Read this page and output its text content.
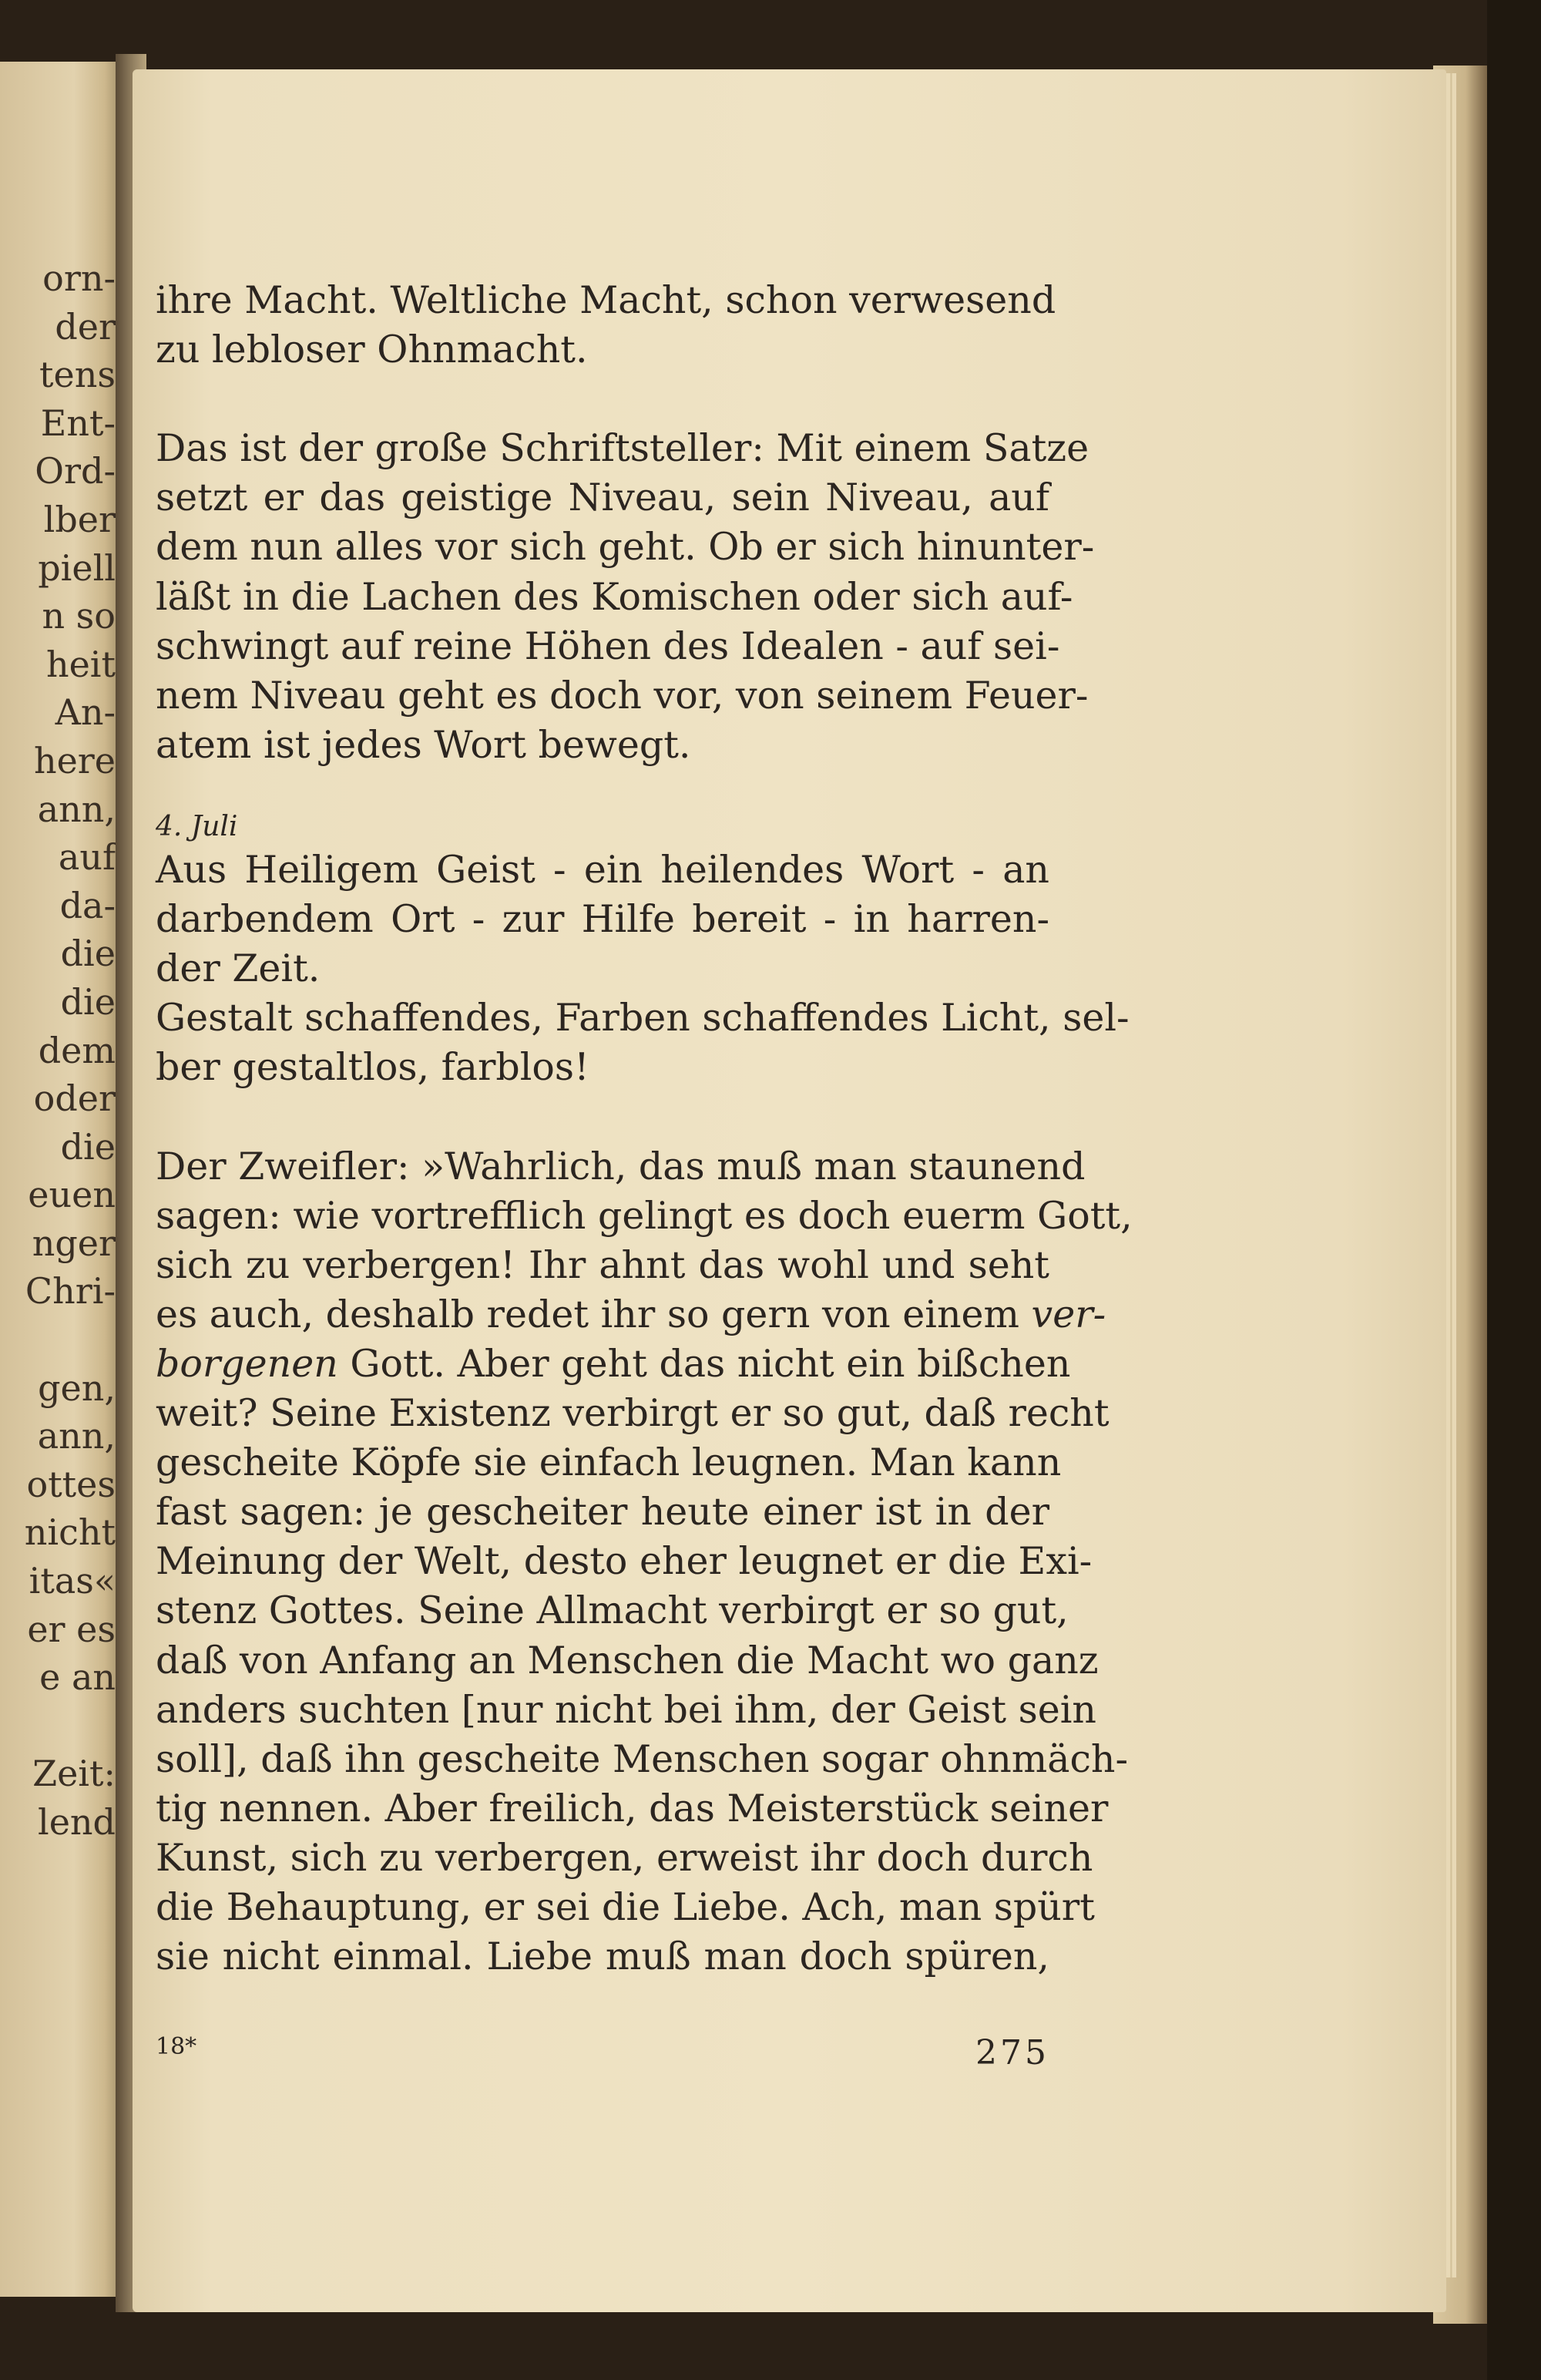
orn-
der
tens
Ent-
Ord-
lber
piell
n so
heit
An-
here
ann,
auf
da-
die
die
dem
oder
die
euen
nger
Chri-
gen,
ann,
ottes
nicht
itas«
er es
e an
Zeit:
lend
ihre Macht. Weltliche Macht, schon verwesend
zu lebloser Ohnmacht.
Das ist der große Schriftsteller: Mit einem Satze
setzt er das geistige Niveau, sein Niveau, auf
dem nun alles vor sich geht. Ob er sich hinunter-
läßt in die Lachen des Komischen oder sich auf-
schwingt auf reine Höhen des Idealen - auf sei-
nem Niveau geht es doch vor, von seinem Feuer-
atem ist jedes Wort bewegt.
4. Juli
Aus Heiligem Geist - ein heilendes Wort - an
darbendem Ort - zur Hilfe bereit - in harren-
der Zeit.
Gestalt schaffendes, Farben schaffendes Licht, sel-
ber gestaltlos, farblos!
Der Zweifler: »Wahrlich, das muß man staunend
sagen: wie vortrefflich gelingt es doch euerm Gott,
sich zu verbergen! Ihr ahnt das wohl und seht
es auch, deshalb redet ihr so gern von einem ver-
borgenen Gott. Aber geht das nicht ein bißchen
weit? Seine Existenz verbirgt er so gut, daß recht
gescheite Köpfe sie einfach leugnen. Man kann
fast sagen: je gescheiter heute einer ist in der
Meinung der Welt, desto eher leugnet er die Exi-
stenz Gottes. Seine Allmacht verbirgt er so gut,
daß von Anfang an Menschen die Macht wo ganz
anders suchten [nur nicht bei ihm, der Geist sein
soll], daß ihn gescheite Menschen sogar ohnmäch-
tig nennen. Aber freilich, das Meisterstück seiner
Kunst, sich zu verbergen, erweist ihr doch durch
die Behauptung, er sei die Liebe. Ach, man spürt
sie nicht einmal. Liebe muß man doch spüren,
18*	275
